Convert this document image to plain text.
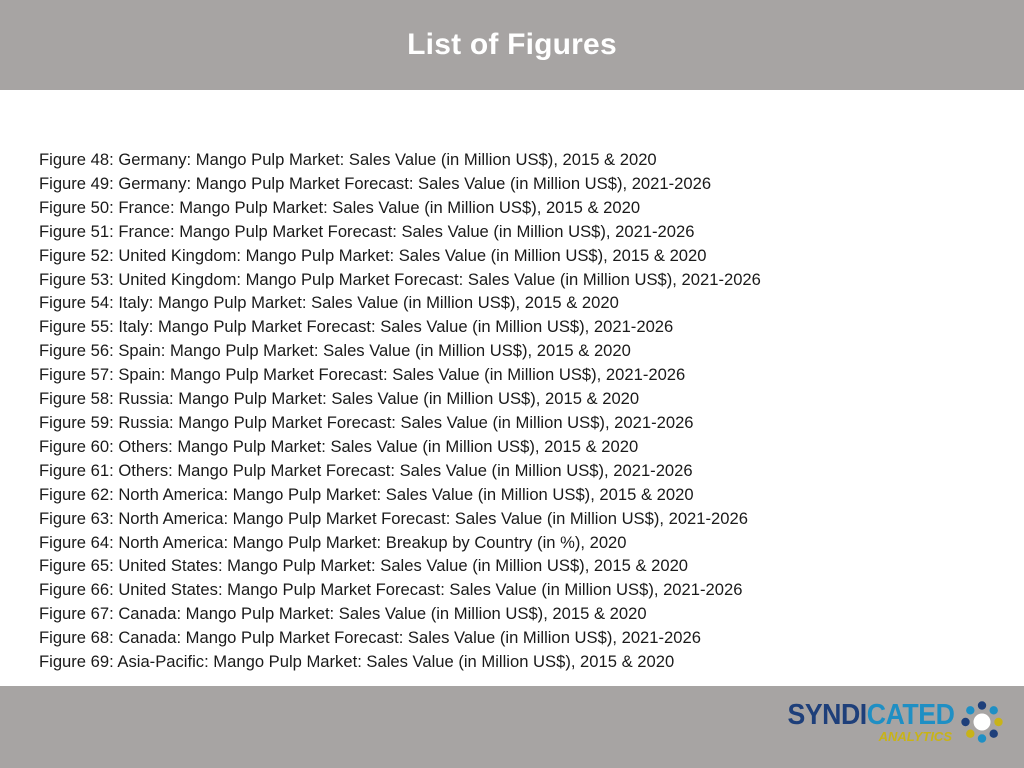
List of Figures
Figure 48: Germany: Mango Pulp Market: Sales Value (in Million US$), 2015 & 2020
Figure 49: Germany: Mango Pulp Market Forecast: Sales Value (in Million US$), 2021-2026
Figure 50: France: Mango Pulp Market: Sales Value (in Million US$), 2015 & 2020
Figure 51: France: Mango Pulp Market Forecast: Sales Value (in Million US$), 2021-2026
Figure 52: United Kingdom: Mango Pulp Market: Sales Value (in Million US$), 2015 & 2020
Figure 53: United Kingdom: Mango Pulp Market Forecast: Sales Value (in Million US$), 2021-2026
Figure 54: Italy: Mango Pulp Market: Sales Value (in Million US$), 2015 & 2020
Figure 55: Italy: Mango Pulp Market Forecast: Sales Value (in Million US$), 2021-2026
Figure 56: Spain: Mango Pulp Market: Sales Value (in Million US$), 2015 & 2020
Figure 57: Spain: Mango Pulp Market Forecast: Sales Value (in Million US$), 2021-2026
Figure 58: Russia: Mango Pulp Market: Sales Value (in Million US$), 2015 & 2020
Figure 59: Russia: Mango Pulp Market Forecast: Sales Value (in Million US$), 2021-2026
Figure 60: Others: Mango Pulp Market: Sales Value (in Million US$), 2015 & 2020
Figure 61: Others: Mango Pulp Market Forecast: Sales Value (in Million US$), 2021-2026
Figure 62: North America: Mango Pulp Market: Sales Value (in Million US$), 2015 & 2020
Figure 63: North America: Mango Pulp Market Forecast: Sales Value (in Million US$), 2021-2026
Figure 64: North America: Mango Pulp Market: Breakup by Country (in %), 2020
Figure 65: United States: Mango Pulp Market: Sales Value (in Million US$), 2015 & 2020
Figure 66: United States: Mango Pulp Market Forecast: Sales Value (in Million US$), 2021-2026
Figure 67: Canada: Mango Pulp Market: Sales Value (in Million US$), 2015 & 2020
Figure 68: Canada: Mango Pulp Market Forecast: Sales Value (in Million US$), 2021-2026
Figure 69: Asia-Pacific: Mango Pulp Market: Sales Value (in Million US$), 2015 & 2020
SYNDICATED
ANALYTICS
